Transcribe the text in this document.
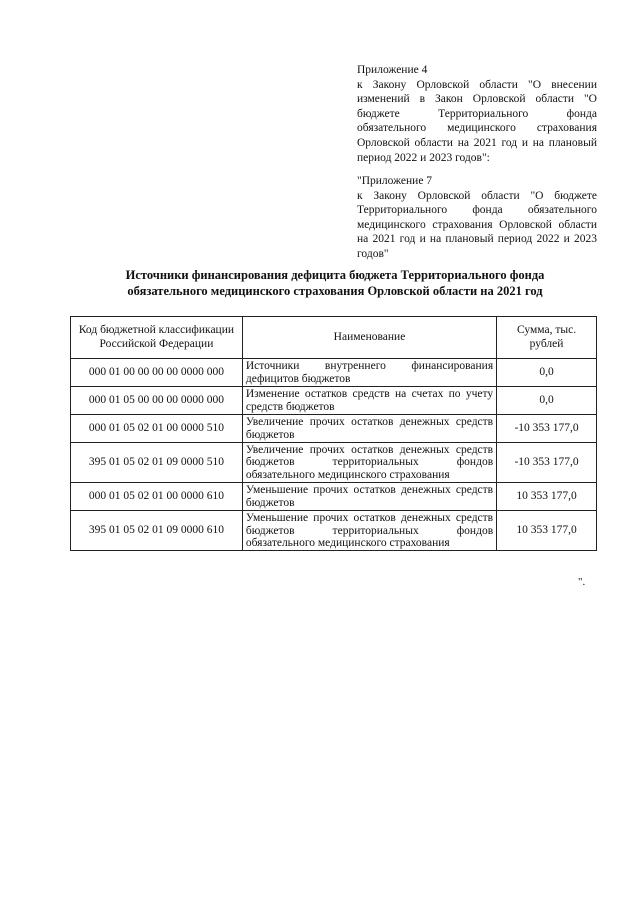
Приложение 4
к Закону Орловской области "О внесении изменений в Закон Орловской области "О бюджете Территориального фонда обязательного медицинского страхования Орловской области на 2021 год и на плановый период 2022 и 2023 годов":
"Приложение 7
к Закону Орловской области "О бюджете Территориального фонда обязательного медицинского страхования Орловской области на 2021 год и на плановый период 2022 и 2023 годов"
Источники финансирования дефицита бюджета Территориального фонда обязательного медицинского страхования Орловской области на 2021 год
Код бюджетной классификации Российской Федерации	Наименование	Сумма, тыс. рублей
000 01 00 00 00 00 0000 000	Источники внутреннего финансирования дефицитов бюджетов	0,0
000 01 05 00 00 00 0000 000	Изменение остатков средств на счетах по учету средств бюджетов	0,0
000 01 05 02 01 00 0000 510	Увеличение прочих остатков денежных средств бюджетов	-10 353 177,0
395 01 05 02 01 09 0000 510	Увеличение прочих остатков денежных средств бюджетов территориальных фондов обязательного медицинского страхования	-10 353 177,0
000 01 05 02 01 00 0000 610	Уменьшение прочих остатков денежных средств бюджетов	10 353 177,0
395 01 05 02 01 09 0000 610	Уменьшение прочих остатков денежных средств бюджетов территориальных фондов обязательного медицинского страхования	10 353 177,0
".
